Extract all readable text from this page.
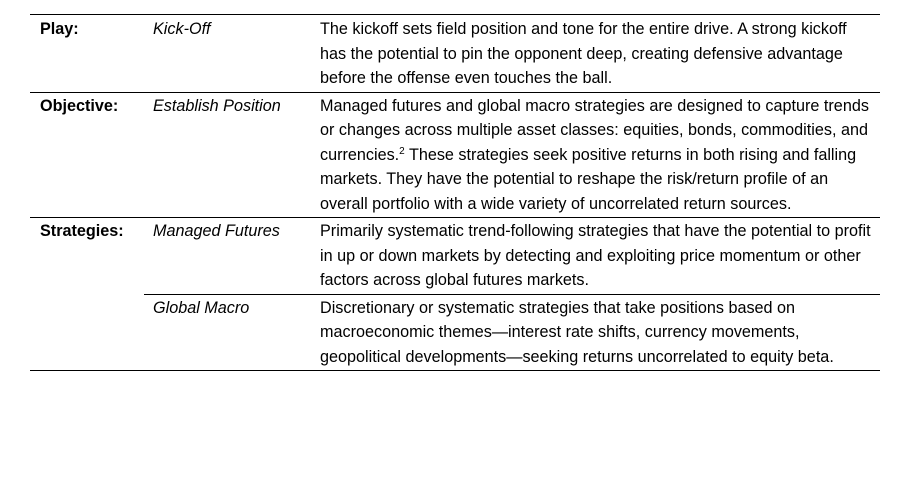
Play:	Kick-Off	The kickoff sets field position and tone for the entire drive. A strong kickoff has the potential to pin the opponent deep, creating defensive advantage before the offense even touches the ball.
Objective:	Establish Position	Managed futures and global macro strategies are designed to capture trends or changes across multiple asset classes: equities, bonds, commodities, and currencies.$^2$ These strategies seek positive returns in both rising and falling markets. They have the potential to reshape the risk/return profile of an overall portfolio with a wide variety of uncorrelated return sources.
Strategies:	Managed Futures	Primarily systematic trend-following strategies that have the potential to profit in up or down markets by detecting and exploiting price momentum or other factors across global futures markets.
	Global Macro	Discretionary or systematic strategies that take positions based on macroeconomic themes—interest rate shifts, currency movements, geopolitical developments—seeking returns uncorrelated to equity beta.
